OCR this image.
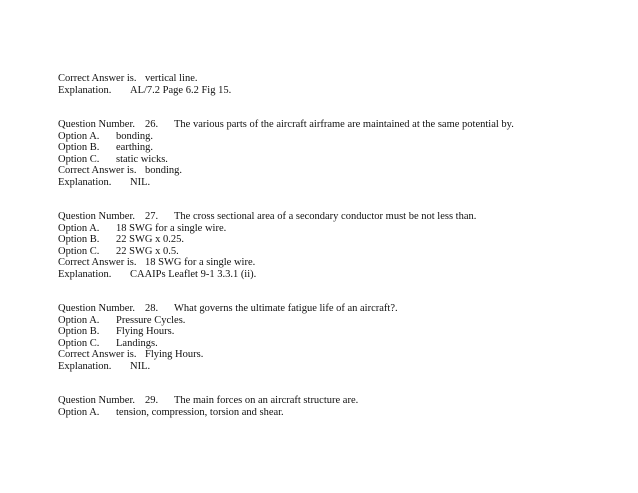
Correct Answer is. vertical line.
Explanation. AL/7.2 Page 6.2 Fig 15.
Question Number. 26. The various parts of the aircraft airframe are maintained at the same potential by.
Option A. bonding.
Option B. earthing.
Option C. static wicks.
Correct Answer is. bonding.
Explanation. NIL.
Question Number. 27. The cross sectional area of a secondary conductor must be not less than.
Option A. 18 SWG for a single wire.
Option B. 22 SWG x 0.25.
Option C. 22 SWG x 0.5.
Correct Answer is. 18 SWG for a single wire.
Explanation. CAAIPs Leaflet 9-1 3.3.1 (ii).
Question Number. 28. What governs the ultimate fatigue life of an aircraft?.
Option A. Pressure Cycles.
Option B. Flying Hours.
Option C. Landings.
Correct Answer is. Flying Hours.
Explanation. NIL.
Question Number. 29. The main forces on an aircraft structure are.
Option A. tension, compression, torsion and shear.
